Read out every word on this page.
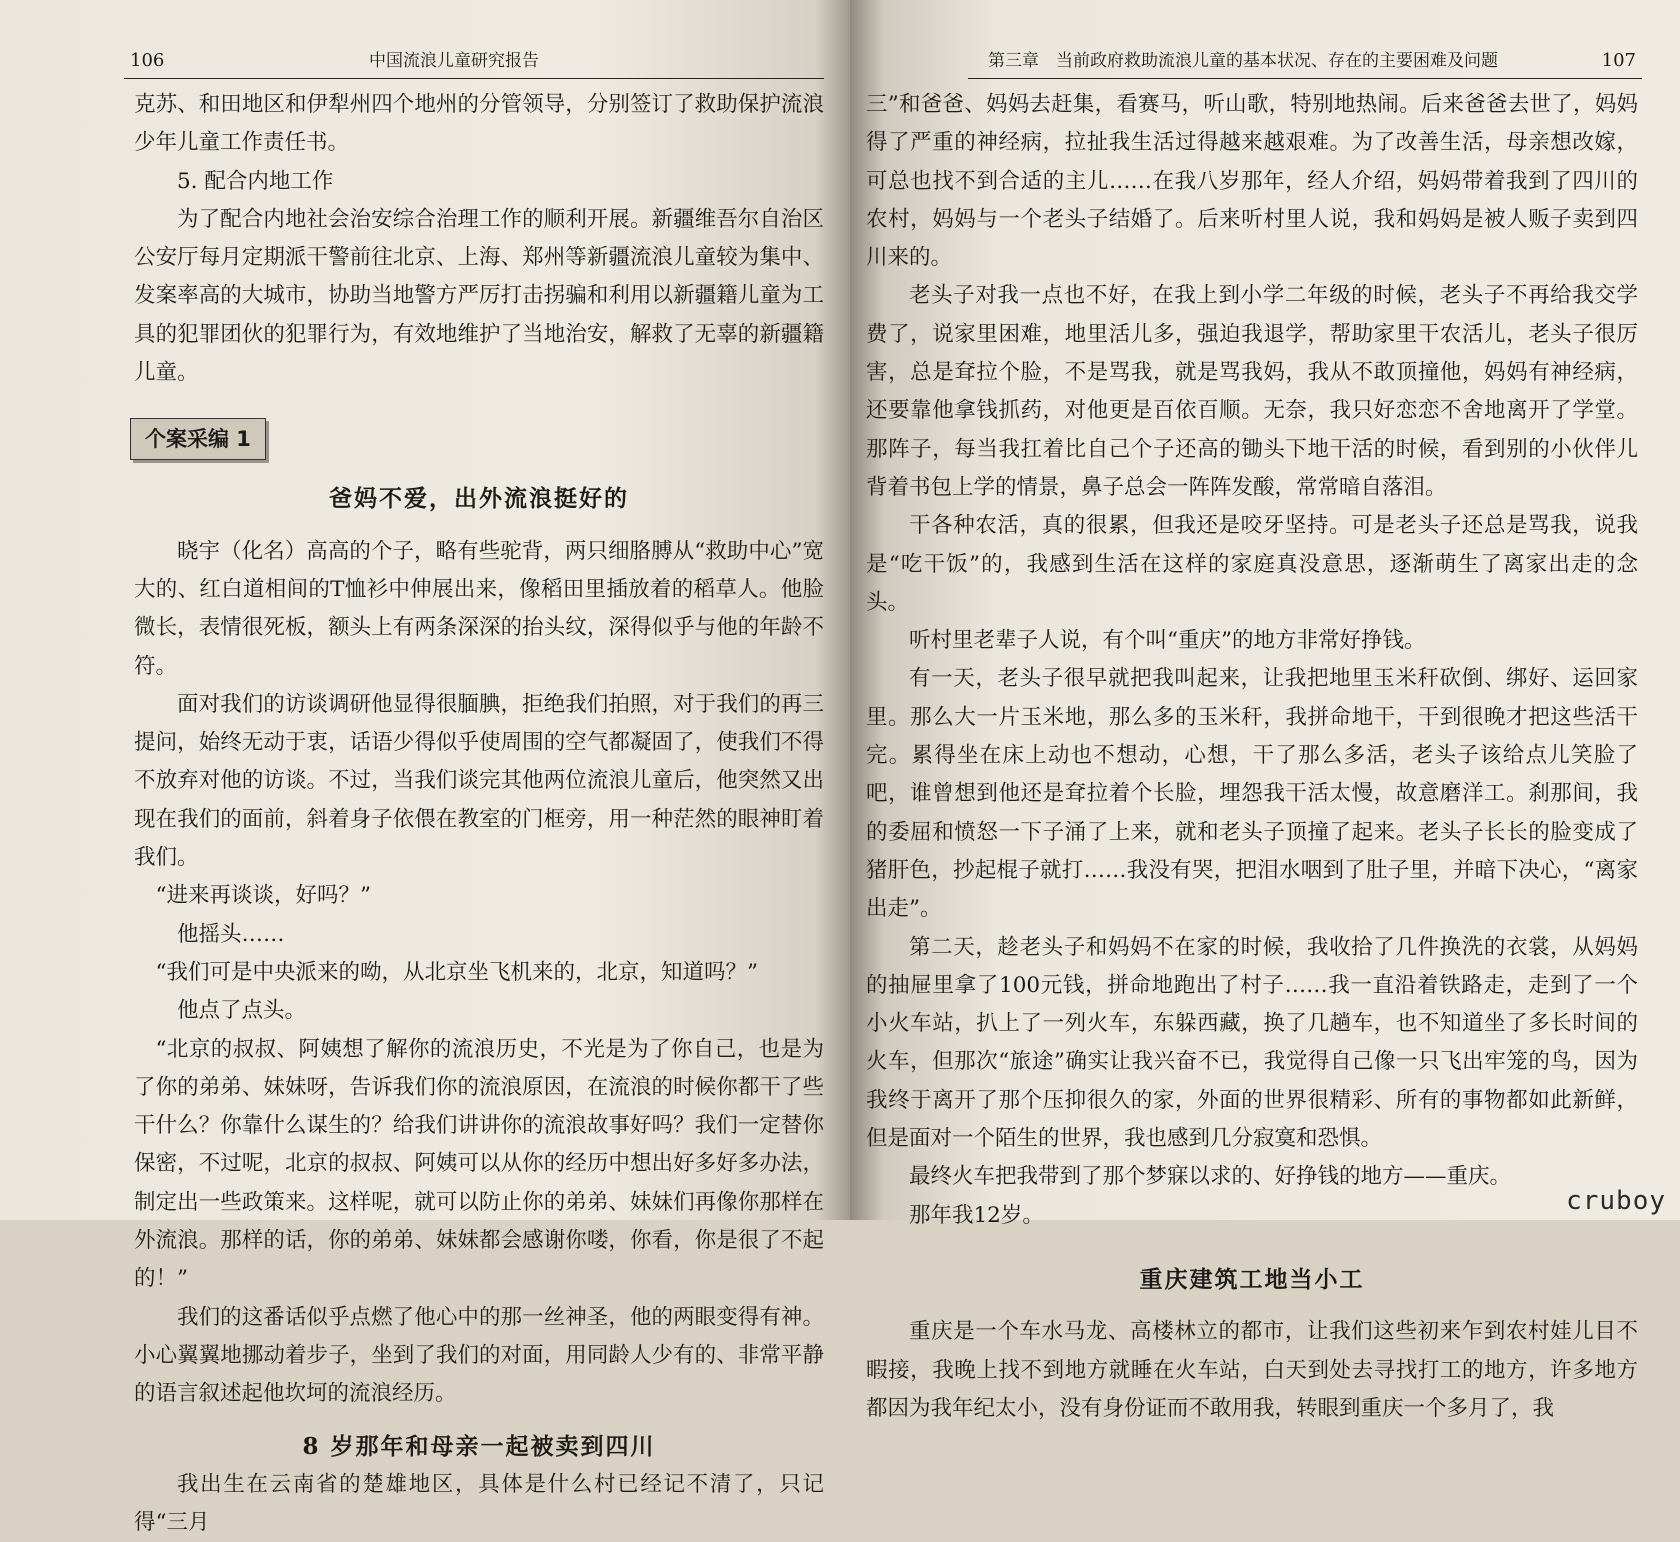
106	中国流浪儿童研究报告

克苏、和田地区和伊犁州四个地州的分管领导，分别签订了救助保护流浪少年儿童工作责任书。

5. 配合内地工作

为了配合内地社会治安综合治理工作的顺利开展。新疆维吾尔自治区公安厅每月定期派干警前往北京、上海、郑州等新疆流浪儿童较为集中、发案率高的大城市，协助当地警方严厉打击拐骗和利用以新疆籍儿童为工具的犯罪团伙的犯罪行为，有效地维护了当地治安，解救了无辜的新疆籍儿童。

个案采编 1

爸妈不爱，出外流浪挺好的

晓宇（化名）高高的个子，略有些驼背，两只细胳膊从“救助中心”宽大的、红白道相间的T恤衫中伸展出来，像稻田里插放着的稻草人。他脸微长，表情很死板，额头上有两条深深的抬头纹，深得似乎与他的年龄不符。

面对我们的访谈调研他显得很腼腆，拒绝我们拍照，对于我们的再三提问，始终无动于衷，话语少得似乎使周围的空气都凝固了，使我们不得不放弃对他的访谈。不过，当我们谈完其他两位流浪儿童后，他突然又出现在我们的面前，斜着身子依偎在教室的门框旁，用一种茫然的眼神盯着我们。

“进来再谈谈，好吗？”

他摇头……

“我们可是中央派来的呦，从北京坐飞机来的，北京，知道吗？”

他点了点头。

“北京的叔叔、阿姨想了解你的流浪历史，不光是为了你自己，也是为了你的弟弟、妹妹呀，告诉我们你的流浪原因，在流浪的时候你都干了些干什么？你靠什么谋生的？给我们讲讲你的流浪故事好吗？我们一定替你保密，不过呢，北京的叔叔、阿姨可以从你的经历中想出好多好多办法，制定出一些政策来。这样呢，就可以防止你的弟弟、妹妹们再像你那样在外流浪。那样的话，你的弟弟、妹妹都会感谢你喽，你看，你是很了不起的！”

我们的这番话似乎点燃了他心中的那一丝神圣，他的两眼变得有神。小心翼翼地挪动着步子，坐到了我们的对面，用同龄人少有的、非常平静的语言叙述起他坎坷的流浪经历。

8 岁那年和母亲一起被卖到四川

我出生在云南省的楚雄地区，具体是什么村已经记不清了，只记得“三月

第三章　当前政府救助流浪儿童的基本状况、存在的主要困难及问题	107

三”和爸爸、妈妈去赶集，看赛马，听山歌，特别地热闹。后来爸爸去世了，妈妈得了严重的神经病，拉扯我生活过得越来越艰难。为了改善生活，母亲想改嫁，可总也找不到合适的主儿……在我八岁那年，经人介绍，妈妈带着我到了四川的农村，妈妈与一个老头子结婚了。后来听村里人说，我和妈妈是被人贩子卖到四川来的。

老头子对我一点也不好，在我上到小学二年级的时候，老头子不再给我交学费了，说家里困难，地里活儿多，强迫我退学，帮助家里干农活儿，老头子很厉害，总是耷拉个脸，不是骂我，就是骂我妈，我从不敢顶撞他，妈妈有神经病，还要靠他拿钱抓药，对他更是百依百顺。无奈，我只好恋恋不舍地离开了学堂。那阵子，每当我扛着比自己个子还高的锄头下地干活的时候，看到别的小伙伴儿背着书包上学的情景，鼻子总会一阵阵发酸，常常暗自落泪。

干各种农活，真的很累，但我还是咬牙坚持。可是老头子还总是骂我，说我是“吃干饭”的，我感到生活在这样的家庭真没意思，逐渐萌生了离家出走的念头。

听村里老辈子人说，有个叫“重庆”的地方非常好挣钱。

有一天，老头子很早就把我叫起来，让我把地里玉米秆砍倒、绑好、运回家里。那么大一片玉米地，那么多的玉米秆，我拼命地干，干到很晚才把这些活干完。累得坐在床上动也不想动，心想，干了那么多活，老头子该给点儿笑脸了吧，谁曾想到他还是耷拉着个长脸，埋怨我干活太慢，故意磨洋工。刹那间，我的委屈和愤怒一下子涌了上来，就和老头子顶撞了起来。老头子长长的脸变成了猪肝色，抄起棍子就打……我没有哭，把泪水咽到了肚子里，并暗下决心，“离家出走”。

第二天，趁老头子和妈妈不在家的时候，我收拾了几件换洗的衣裳，从妈妈的抽屉里拿了100元钱，拼命地跑出了村子……我一直沿着铁路走，走到了一个小火车站，扒上了一列火车，东躲西藏，换了几趟车，也不知道坐了多长时间的火车，但那次“旅途”确实让我兴奋不已，我觉得自己像一只飞出牢笼的鸟，因为我终于离开了那个压抑很久的家，外面的世界很精彩、所有的事物都如此新鲜，但是面对一个陌生的世界，我也感到几分寂寞和恐惧。

最终火车把我带到了那个梦寐以求的、好挣钱的地方——重庆。

那年我12岁。

重庆建筑工地当小工

重庆是一个车水马龙、高楼林立的都市，让我们这些初来乍到农村娃儿目不暇接，我晚上找不到地方就睡在火车站，白天到处去寻找打工的地方，许多地方都因为我年纪太小，没有身份证而不敢用我，转眼到重庆一个多月了，我

cruboy
